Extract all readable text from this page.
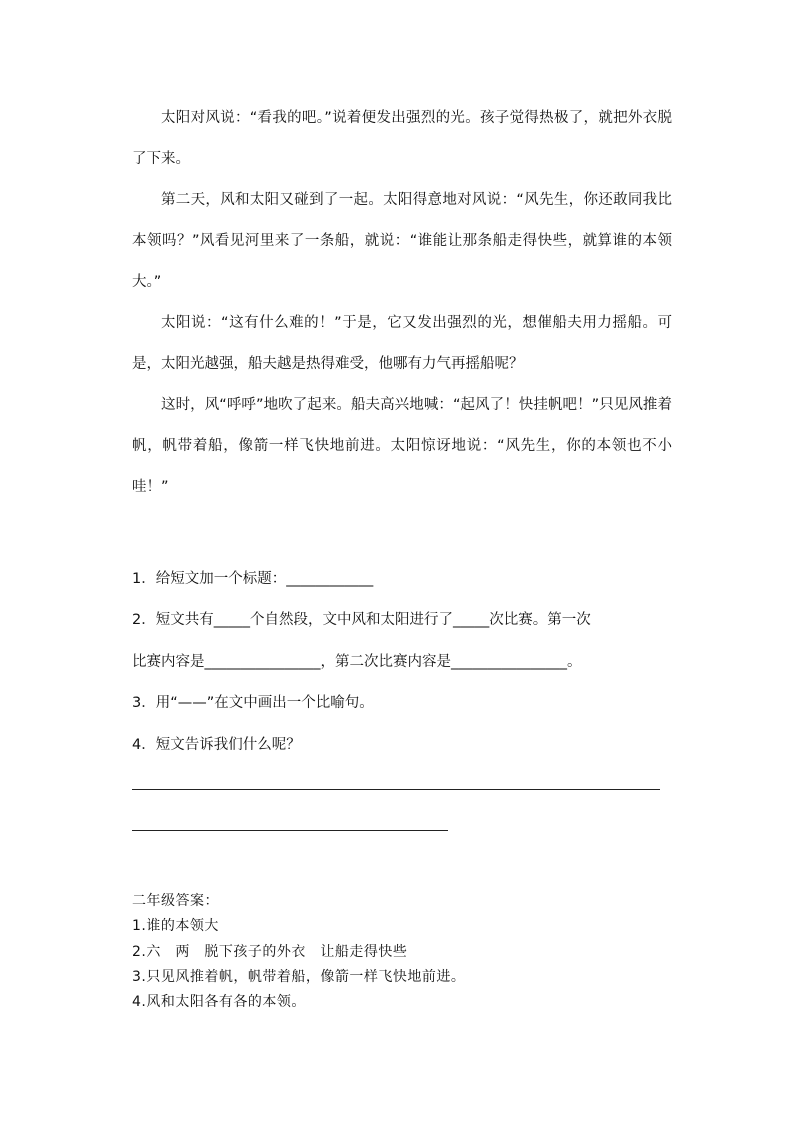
太阳对风说：“看我的吧。”说着便发出强烈的光。孩子觉得热极了，就把外衣脱了下来。

第二天，风和太阳又碰到了一起。太阳得意地对风说：“风先生，你还敢同我比本领吗？”风看见河里来了一条船，就说：“谁能让那条船走得快些，就算谁的本领大。”

太阳说：“这有什么难的！”于是，它又发出强烈的光，想催船夫用力摇船。可是，太阳光越强，船夫越是热得难受，他哪有力气再摇船呢？

这时，风“呼呼”地吹了起来。船夫高兴地喊：“起风了！快挂帆吧！”只见风推着帆，帆带着船，像箭一样飞快地前进。太阳惊讶地说：“风先生，你的本领也不小哇！”

1．给短文加一个标题：____________

2．短文共有_____个自然段，文中风和太阳进行了_____次比赛。第一次

比赛内容是________________，第二次比赛内容是________________。

3．用“——”在文中画出一个比喻句。

4．短文告诉我们什么呢？

二年级答案：

1.谁的本领大

2.六　两　脱下孩子的外衣　让船走得快些

3.只见风推着帆，帆带着船，像箭一样飞快地前进。

4.风和太阳各有各的本领。
